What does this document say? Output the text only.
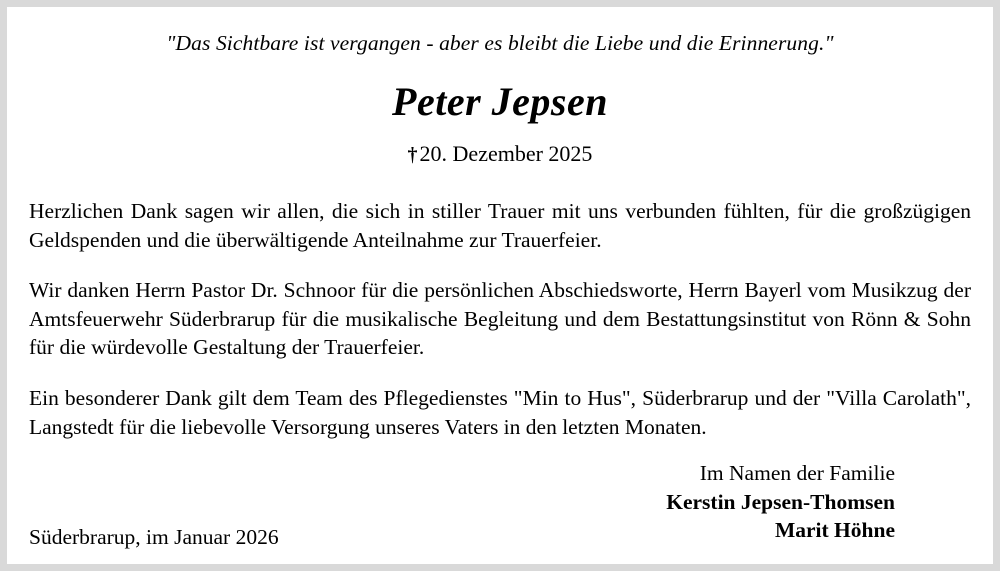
"Das Sichtbare ist vergangen - aber es bleibt die Liebe und die Erinnerung."
Peter Jepsen
†20. Dezember 2025
Herzlichen Dank sagen wir allen, die sich in stiller Trauer mit uns verbunden fühlten, für die großzügigen Geldspenden und die überwältigende Anteilnahme zur Trauerfeier.
Wir danken Herrn Pastor Dr. Schnoor für die persönlichen Abschiedsworte, Herrn Bayerl vom Musikzug der Amtsfeuerwehr Süderbrarup für die musikalische Begleitung und dem Bestattungsinstitut von Rönn & Sohn für die würdevolle Gestaltung der Trauerfeier.
Ein besonderer Dank gilt dem Team des Pflegedienstes "Min to Hus", Süderbrarup und der "Villa Carolath", Langstedt für die liebevolle Versorgung unseres Vaters in den letzten Monaten.
Im Namen der Familie
Kerstin Jepsen-Thomsen
Marit Höhne
Süderbrarup, im Januar 2026
